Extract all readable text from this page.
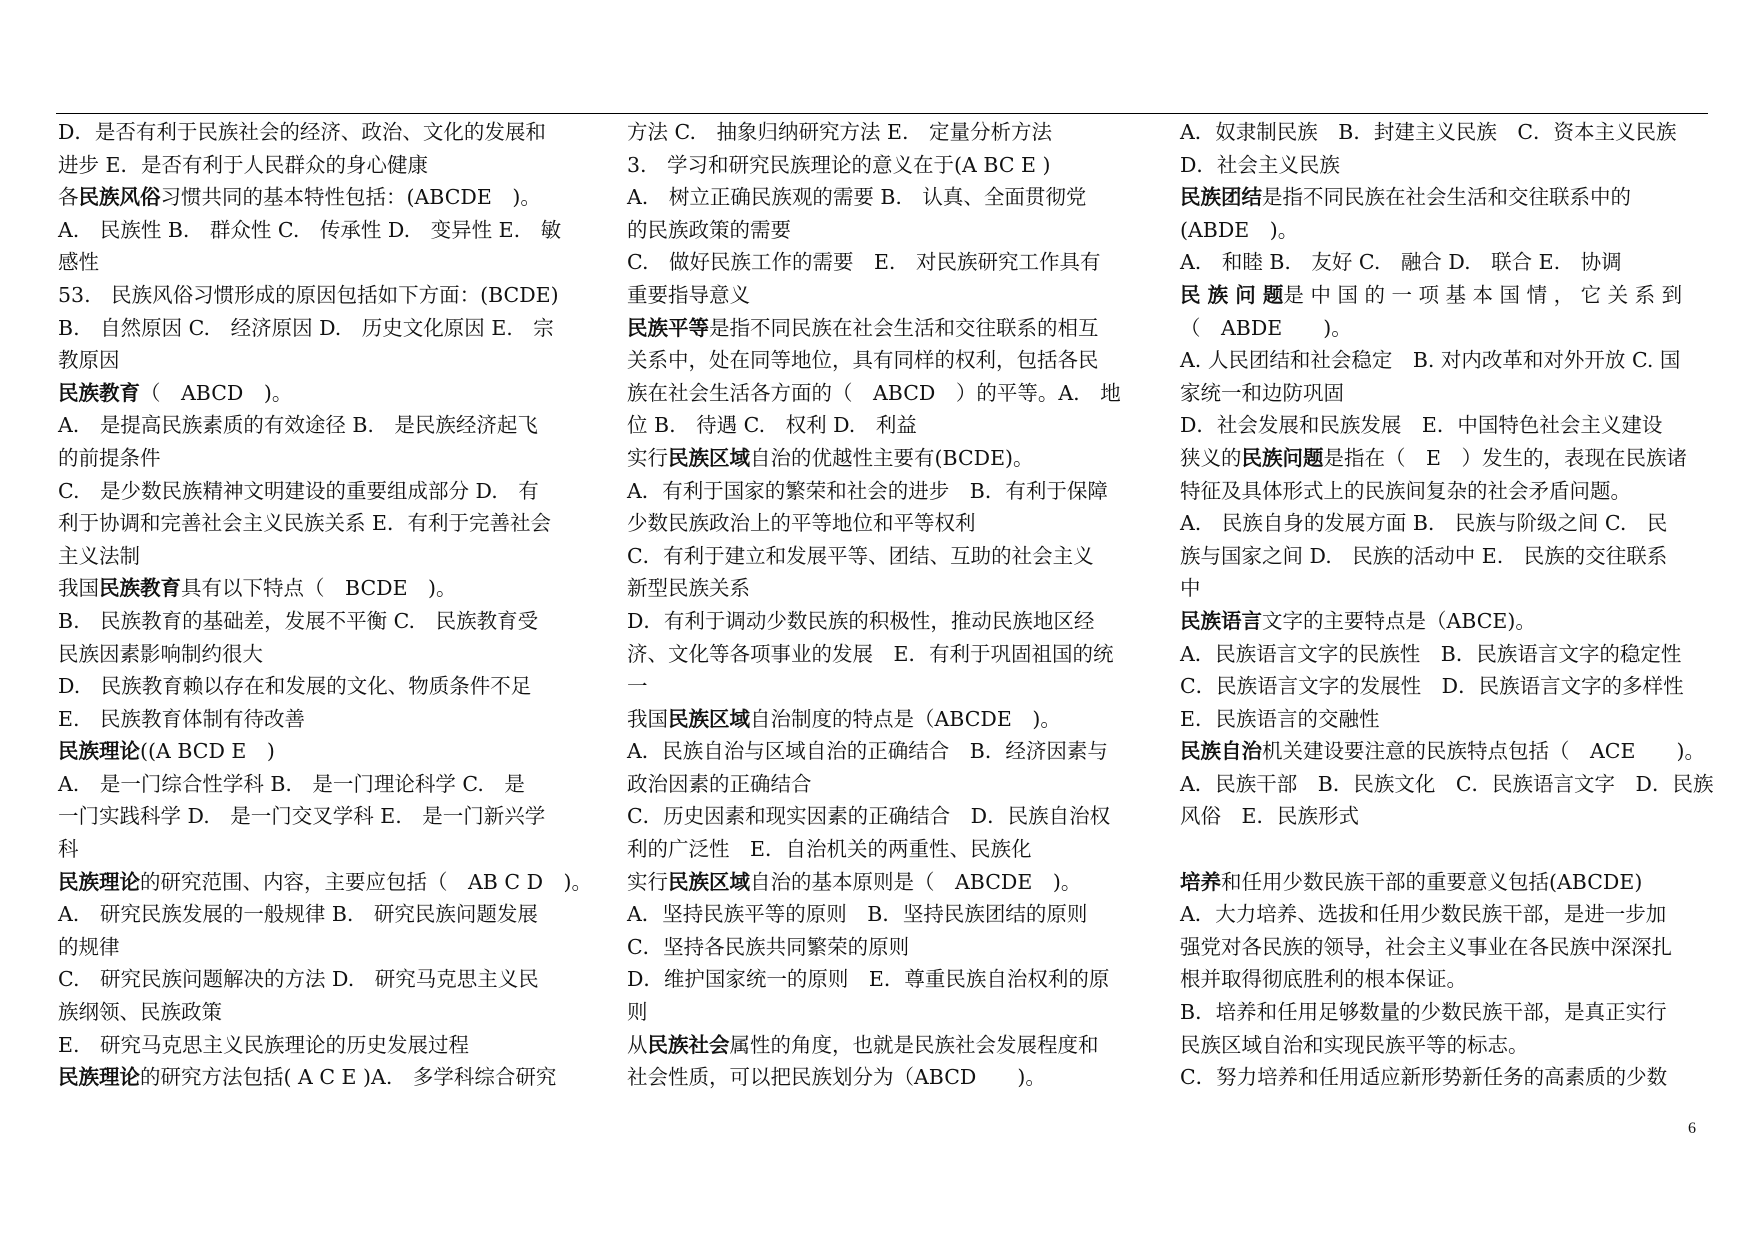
D．是否有利于民族社会的经济、政治、文化的发展和
进步 E．是否有利于人民群众的身心健康
各民族风俗习惯共同的基本特性包括：(ABCDE　)。
A.　民族性 B.　群众性 C.　传承性 D.　变异性 E.　敏
感性
53.　民族风俗习惯形成的原因包括如下方面：(BCDE)
B.　自然原因 C.　经济原因 D.　历史文化原因 E.　宗
教原因
民族教育（　ABCD　)。
A.　是提高民族素质的有效途径 B.　是民族经济起飞
的前提条件
C.　是少数民族精神文明建设的重要组成部分 D.　有
利于协调和完善社会主义民族关系 E．有利于完善社会
主义法制
我国民族教育具有以下特点（　BCDE　)。
B.　民族教育的基础差，发展不平衡 C.　民族教育受
民族因素影响制约很大
D.　民族教育赖以存在和发展的文化、物质条件不足
E.　民族教育体制有待改善
民族理论((A BCD E　)
A.　是一门综合性学科 B.　是一门理论科学 C.　是
一门实践科学 D.　是一门交叉学科 E.　是一门新兴学
科
民族理论的研究范围、内容，主要应包括（　AB C D　)。
A.　研究民族发展的一般规律 B.　研究民族问题发展
的规律
C.　研究民族问题解决的方法 D.　研究马克思主义民
族纲领、民族政策
E.　研究马克思主义民族理论的历史发展过程
民族理论的研究方法包括( A C E )A.　多学科综合研究
方法 C.　抽象归纳研究方法 E.　定量分析方法
3.　学习和研究民族理论的意义在于(A BC E )
A.　树立正确民族观的需要 B.　认真、全面贯彻党
的民族政策的需要
C.　做好民族工作的需要　E.　对民族研究工作具有
重要指导意义
民族平等是指不同民族在社会生活和交往联系的相互
关系中，处在同等地位，具有同样的权利，包括各民
族在社会生活各方面的（　ABCD　）的平等。A.　地
位 B.　待遇 C.　权利 D.　利益
实行民族区域自治的优越性主要有(BCDE)。
A．有利于国家的繁荣和社会的进步　B．有利于保障
少数民族政治上的平等地位和平等权利
C．有利于建立和发展平等、团结、互助的社会主义
新型民族关系
D．有利于调动少数民族的积极性，推动民族地区经
济、文化等各项事业的发展　E．有利于巩固祖国的统
一
我国民族区域自治制度的特点是（ABCDE　)。
A．民族自治与区域自治的正确结合　B．经济因素与
政治因素的正确结合
C．历史因素和现实因素的正确结合　D．民族自治权
利的广泛性　E．自治机关的两重性、民族化
实行民族区域自治的基本原则是（　ABCDE　)。
A．坚持民族平等的原则　B．坚持民族团结的原则
C．坚持各民族共同繁荣的原则
D．维护国家统一的原则　E．尊重民族自治权利的原
则
从民族社会属性的角度，也就是民族社会发展程度和
社会性质，可以把民族划分为（ABCD　　)。
A．奴隶制民族　B．封建主义民族　C．资本主义民族
D．社会主义民族
民族团结是指不同民族在社会生活和交往联系中的
(ABDE　)。
A.　和睦 B.　友好 C.　融合 D.　联合 E.　协调
民 族 问 题是 中 国 的 一 项 基 本 国 情 ， 它 关 系 到
（　ABDE　　)。
A. 人民团结和社会稳定　B. 对内改革和对外开放 C. 国
家统一和边防巩固
D．社会发展和民族发展　E．中国特色社会主义建设
狭义的民族问题是指在（　E　）发生的，表现在民族诸
特征及具体形式上的民族间复杂的社会矛盾问题。
A.　民族自身的发展方面 B.　民族与阶级之间 C.　民
族与国家之间 D.　民族的活动中 E.　民族的交往联系
中
民族语言文字的主要特点是（ABCE)。
A．民族语言文字的民族性　B．民族语言文字的稳定性
C．民族语言文字的发展性　D．民族语言文字的多样性
E．民族语言的交融性
民族自治机关建设要注意的民族特点包括（　ACE　　)。
A．民族干部　B．民族文化　C．民族语言文字　D．民族
风俗　E．民族形式
培养和任用少数民族干部的重要意义包括(ABCDE)
A．大力培养、选拔和任用少数民族干部，是进一步加
强党对各民族的领导，社会主义事业在各民族中深深扎
根并取得彻底胜利的根本保证。
B．培养和任用足够数量的少数民族干部，是真正实行
民族区域自治和实现民族平等的标志。
C．努力培养和任用适应新形势新任务的高素质的少数
6
